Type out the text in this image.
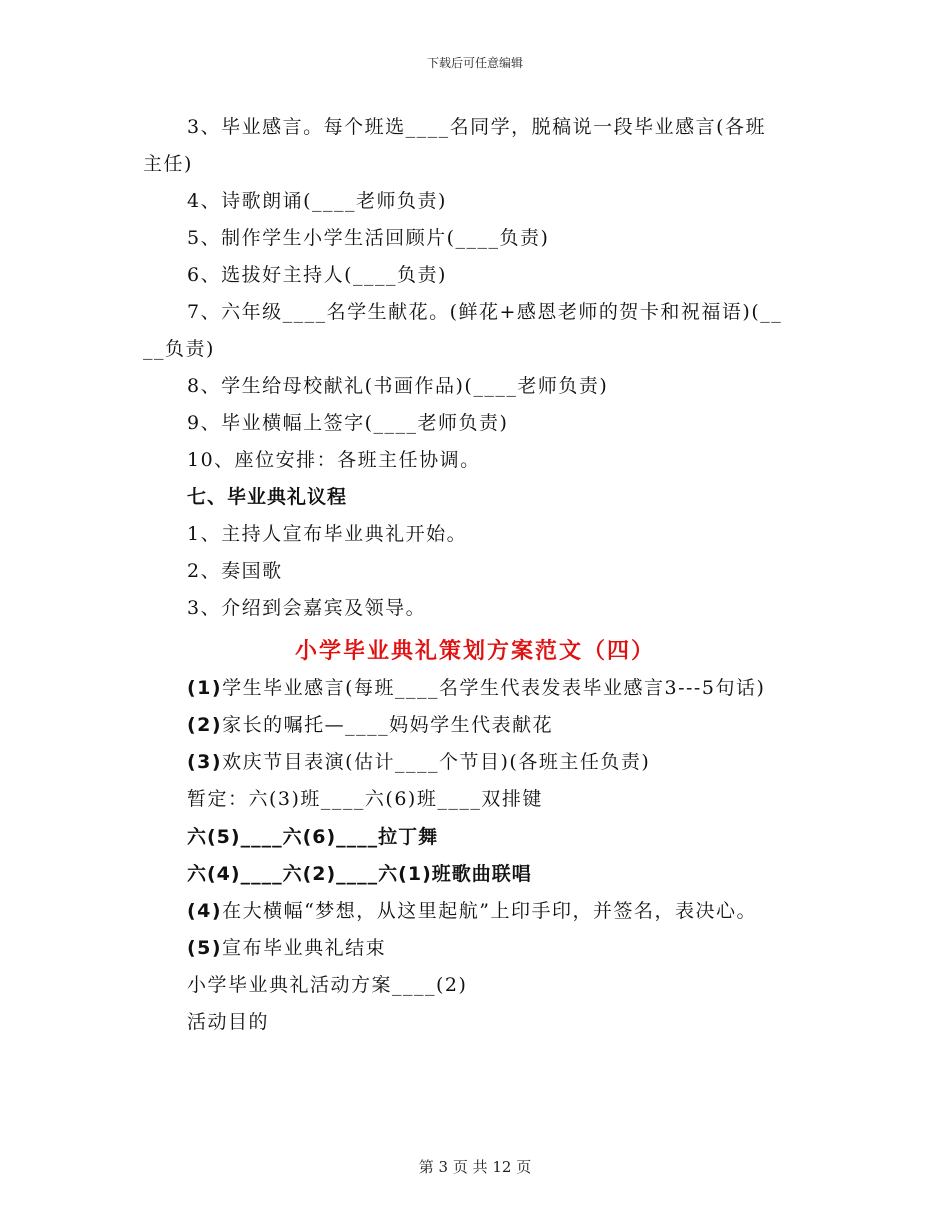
下载后可任意编辑
3、毕业感言。每个班选____名同学，脱稿说一段毕业感言(各班
主任)
4、诗歌朗诵(____老师负责)
5、制作学生小学生活回顾片(____负责)
6、选拔好主持人(____负责)
7、六年级____名学生献花。(鲜花+感恩老师的贺卡和祝福语)(__
__负责)
8、学生给母校献礼(书画作品)(____老师负责)
9、毕业横幅上签字(____老师负责)
10、座位安排：各班主任协调。
七、毕业典礼议程
1、主持人宣布毕业典礼开始。
2、奏国歌
3、介绍到会嘉宾及领导。
小学毕业典礼策划方案范文（四）
(1)学生毕业感言(每班____名学生代表发表毕业感言3---5句话)
(2)家长的嘱托—____妈妈学生代表献花
(3)欢庆节目表演(估计____个节目)(各班主任负责)
暂定：六(3)班____六(6)班____双排键
六(5)____六(6)____拉丁舞
六(4)____六(2)____六(1)班歌曲联唱
(4)在大横幅“梦想，从这里起航”上印手印，并签名，表决心。
(5)宣布毕业典礼结束
小学毕业典礼活动方案____(2)
活动目的
第 3 页 共 12 页
